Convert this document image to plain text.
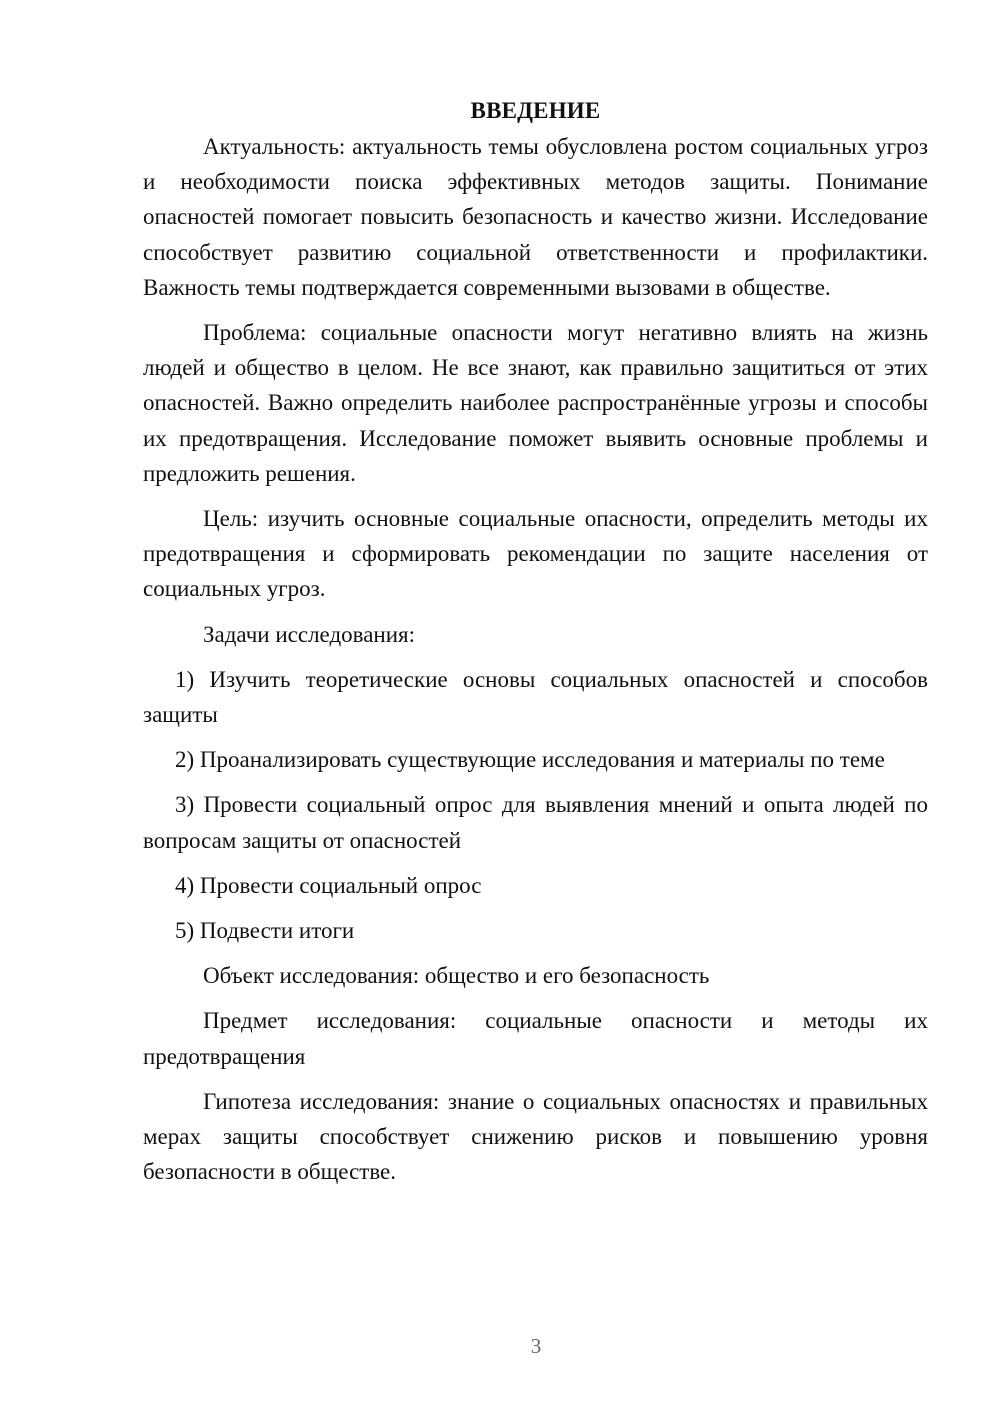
ВВЕДЕНИЕ

Актуальность: актуальность темы обусловлена ростом социальных угроз и необходимости поиска эффективных методов защиты. Понимание опасностей помогает повысить безопасность и качество жизни. Исследование способствует развитию социальной ответственности и профилактики. Важность темы подтверждается современными вызовами в обществе.

Проблема: социальные опасности могут негативно влиять на жизнь людей и общество в целом. Не все знают, как правильно защититься от этих опасностей. Важно определить наиболее распространённые угрозы и способы их предотвращения. Исследование поможет выявить основные проблемы и предложить решения.

Цель: изучить основные социальные опасности, определить методы их предотвращения и сформировать рекомендации по защите населения от социальных угроз.

Задачи исследования:

1) Изучить теоретические основы социальных опасностей и способов защиты

2) Проанализировать существующие исследования и материалы по теме

3) Провести социальный опрос для выявления мнений и опыта людей по вопросам защиты от опасностей

4) Провести социальный опрос

5) Подвести итоги

Объект исследования: общество и его безопасность

Предмет исследования: социальные опасности и методы их предотвращения

Гипотеза исследования: знание о социальных опасностях и правильных мерах защиты способствует снижению рисков и повышению уровня безопасности в обществе.

3
